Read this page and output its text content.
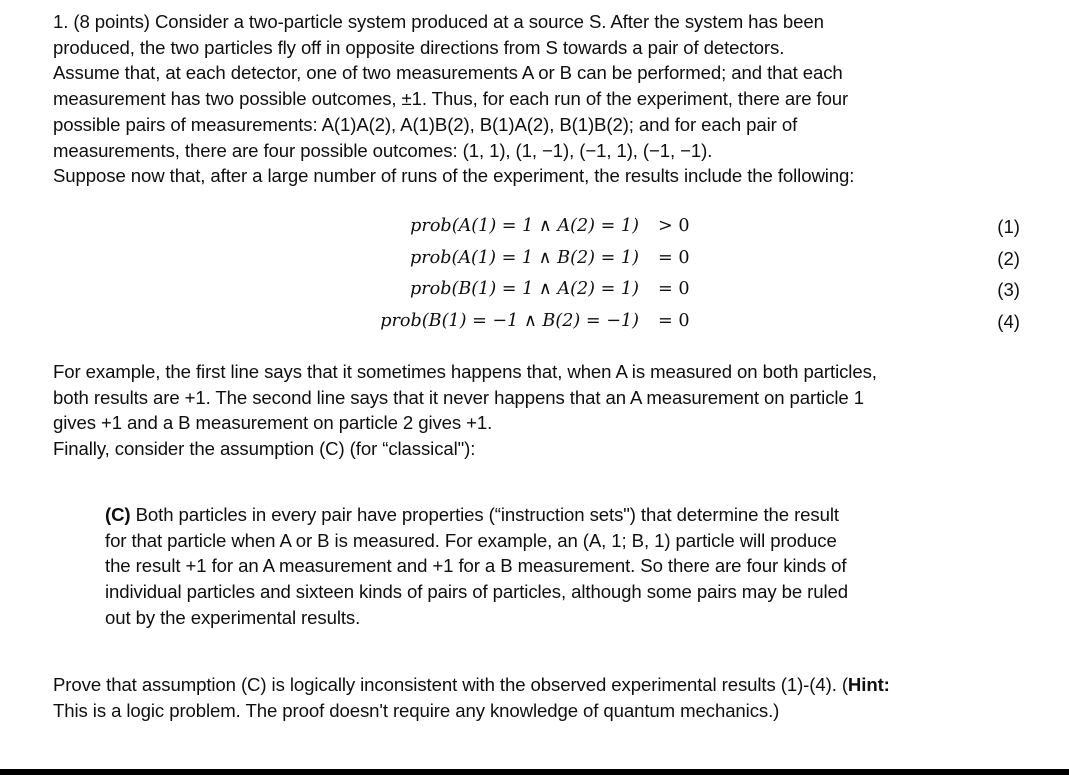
1. (8 points) Consider a two-particle system produced at a source S. After the system has been
produced, the two particles fly off in opposite directions from S towards a pair of detectors.
Assume that, at each detector, one of two measurements A or B can be performed; and that each
measurement has two possible outcomes, ±1. Thus, for each run of the experiment, there are four
possible pairs of measurements: A(1)A(2), A(1)B(2), B(1)A(2), B(1)B(2); and for each pair of
measurements, there are four possible outcomes: (1, 1), (1, −1), (−1, 1), (−1, −1).
Suppose now that, after a large number of runs of the experiment, the results include the following:
prob(A(1) = 1 ∧ A(2) = 1) > 0	(1)
prob(A(1) = 1 ∧ B(2) = 1) = 0	(2)
prob(B(1) = 1 ∧ A(2) = 1) = 0	(3)
prob(B(1) = −1 ∧ B(2) = −1) = 0	(4)
For example, the first line says that it sometimes happens that, when A is measured on both particles,
both results are +1. The second line says that it never happens that an A measurement on particle 1
gives +1 and a B measurement on particle 2 gives +1.
Finally, consider the assumption (C) (for “classical"):
(C) Both particles in every pair have properties (“instruction sets") that determine the result
for that particle when A or B is measured. For example, an (A, 1; B, 1) particle will produce
the result +1 for an A measurement and +1 for a B measurement. So there are four kinds of
individual particles and sixteen kinds of pairs of particles, although some pairs may be ruled
out by the experimental results.
Prove that assumption (C) is logically inconsistent with the observed experimental results (1)-(4). (Hint:
This is a logic problem. The proof doesn't require any knowledge of quantum mechanics.)
